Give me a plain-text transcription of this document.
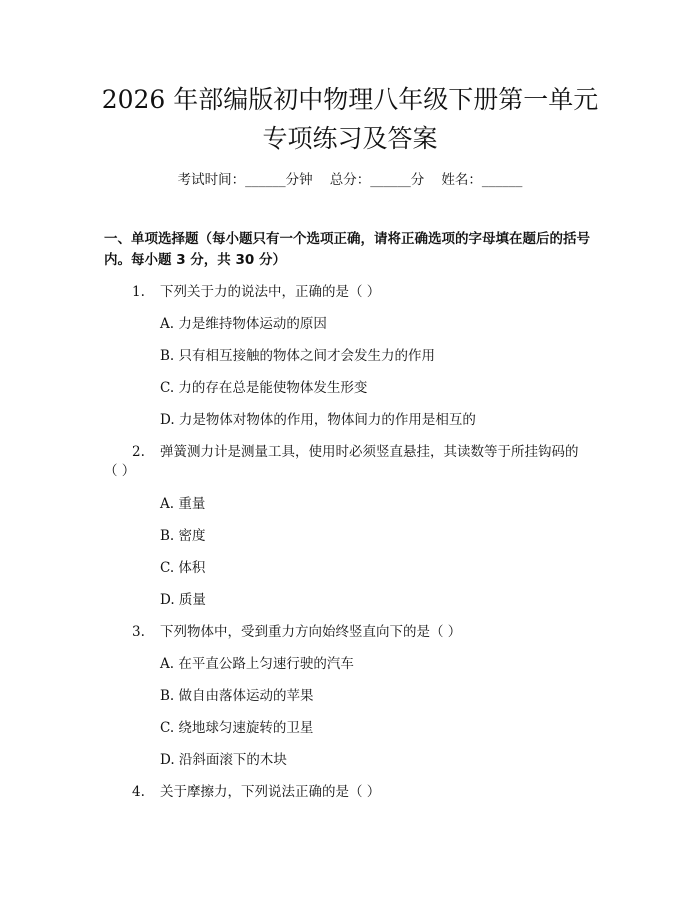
2026 年部编版初中物理八年级下册第一单元
专项练习及答案
考试时间：______分钟    总分：______分    姓名：______
一、单项选择题（每小题只有一个选项正确，请将正确选项的字母填在题后的括号内。每小题 3 分，共 30 分）
1. 下列关于力的说法中，正确的是（ ）
A. 力是维持物体运动的原因
B. 只有相互接触的物体之间才会发生力的作用
C. 力的存在总是能使物体发生形变
D. 力是物体对物体的作用，物体间力的作用是相互的
2. 弹簧测力计是测量工具，使用时必须竖直悬挂，其读数等于所挂钩码的
（ ）
A. 重量
B. 密度
C. 体积
D. 质量
3. 下列物体中，受到重力方向始终竖直向下的是（ ）
A. 在平直公路上匀速行驶的汽车
B. 做自由落体运动的苹果
C. 绕地球匀速旋转的卫星
D. 沿斜面滚下的木块
4. 关于摩擦力，下列说法正确的是（ ）
